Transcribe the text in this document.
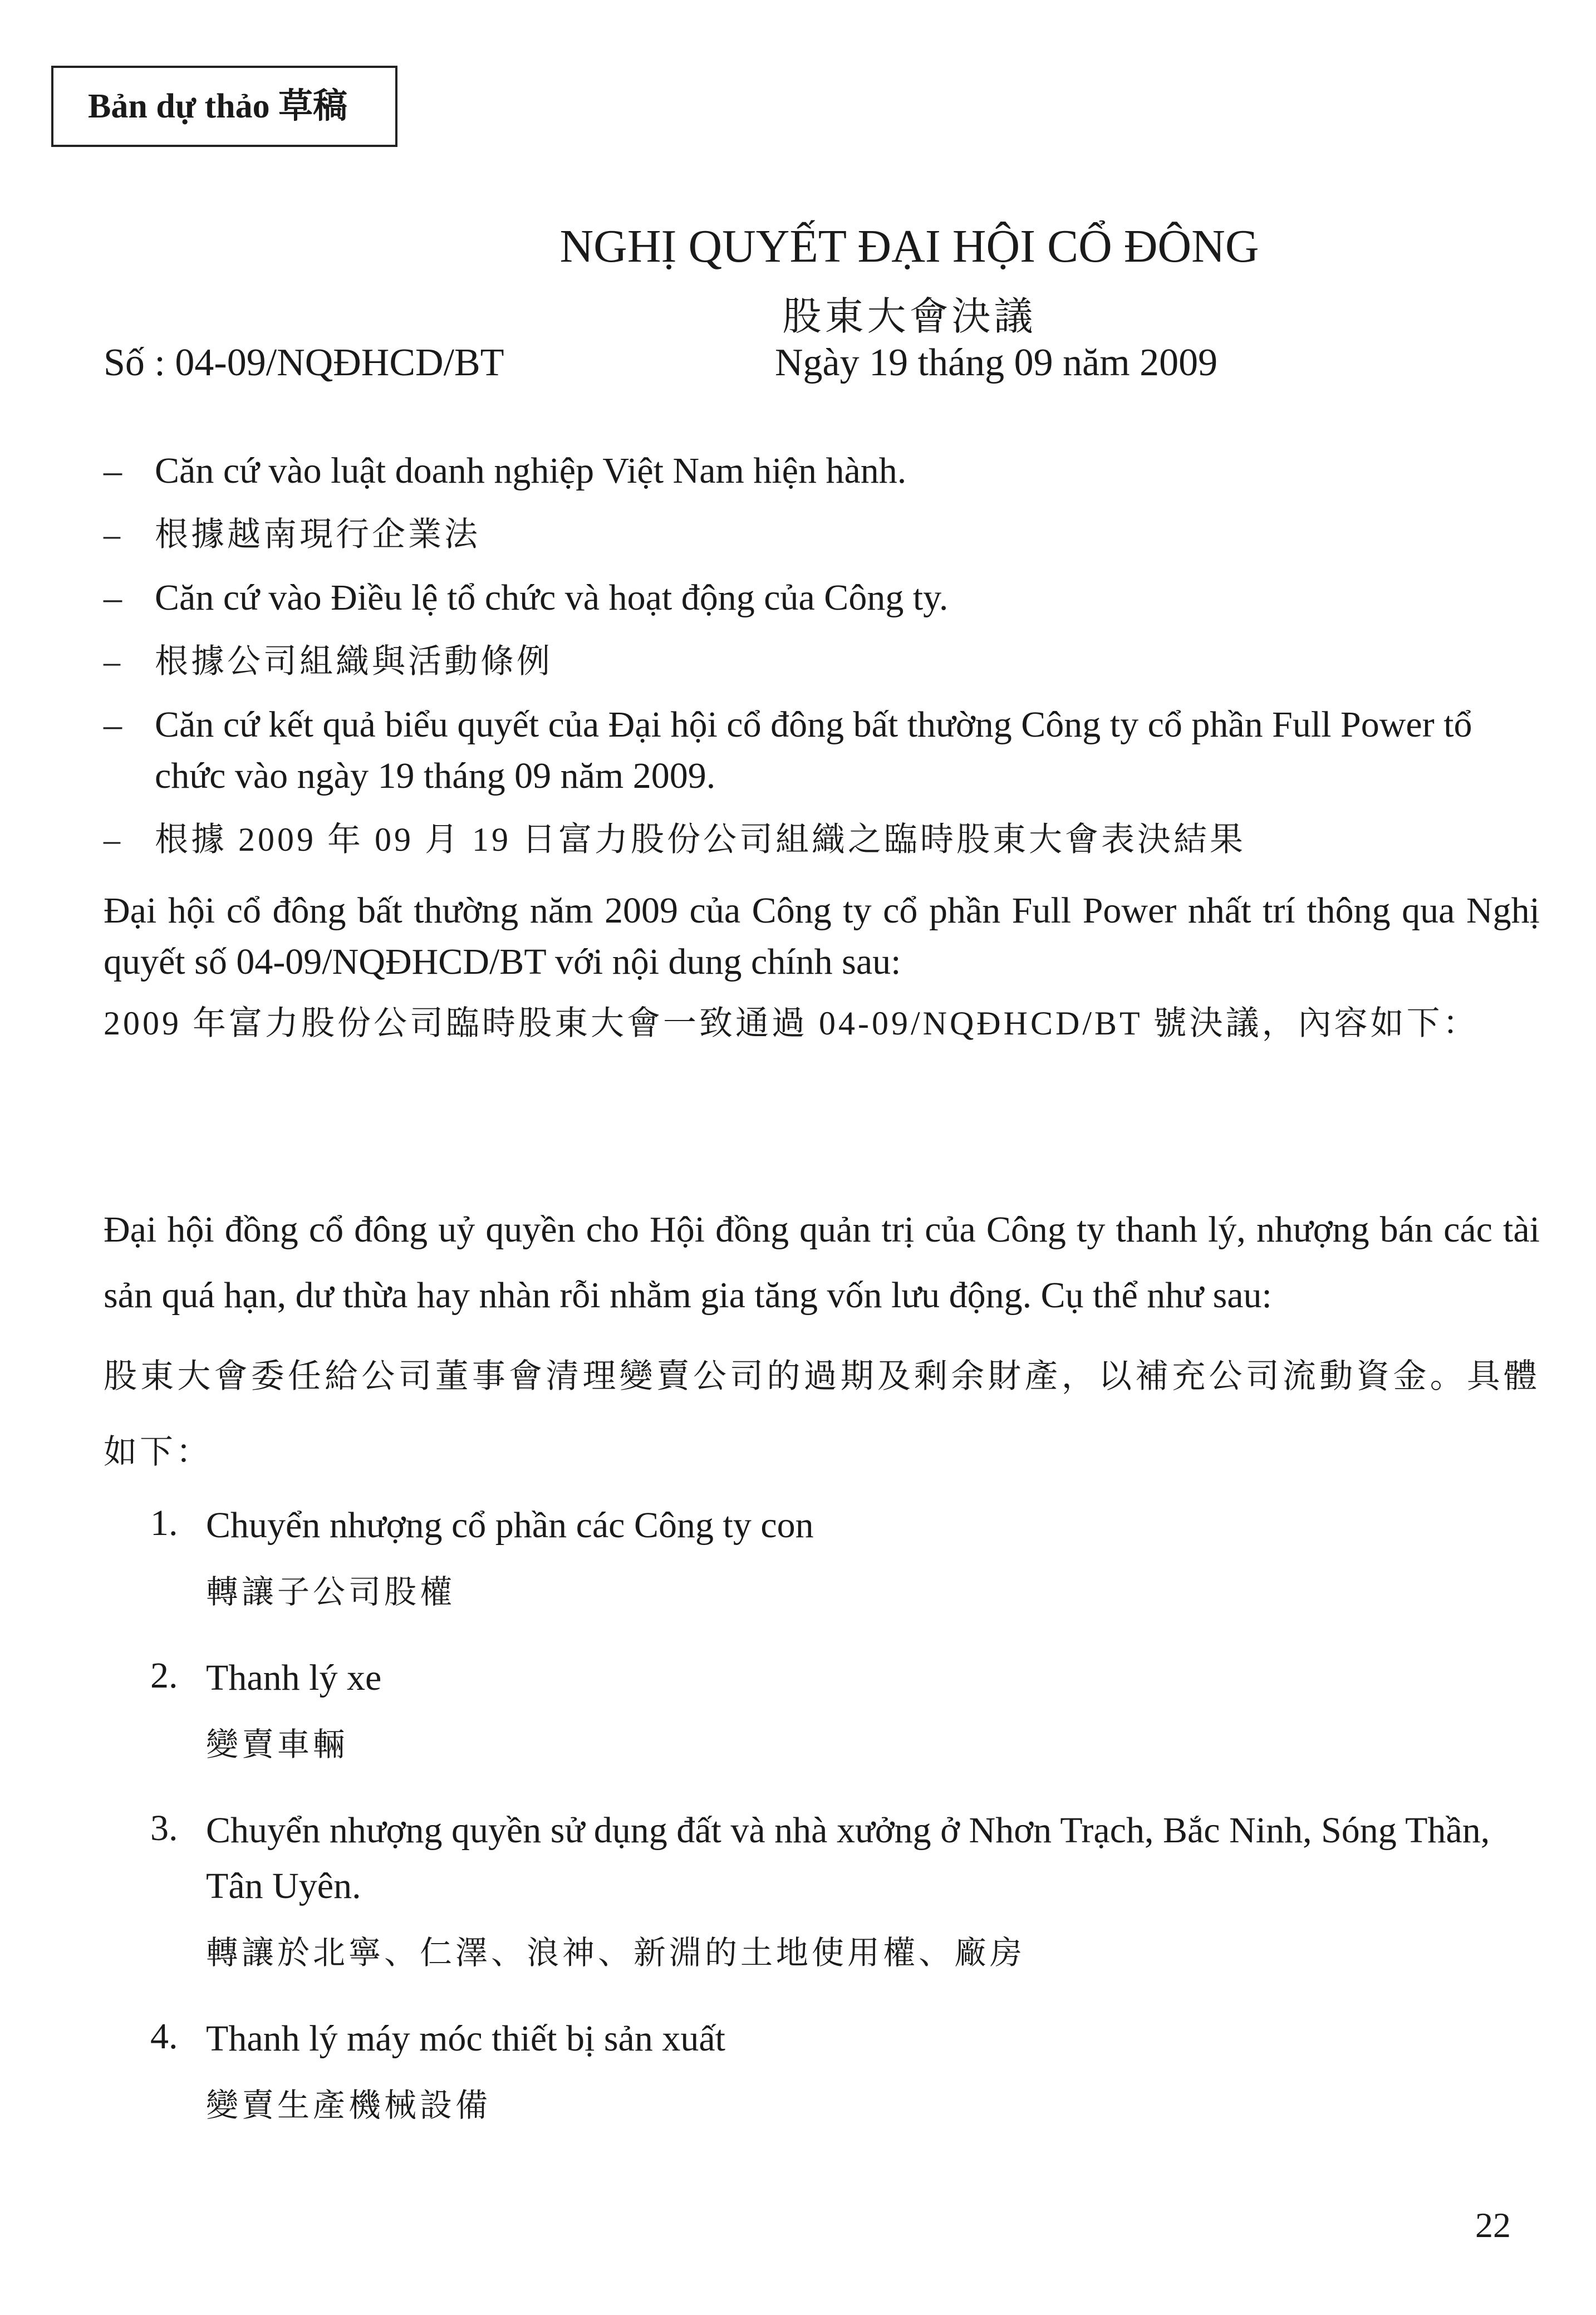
Bản dự thảo 草稿
NGHỊ QUYẾT ĐẠI HỘI CỔ ĐÔNG
股東大會決議
Số : 04-09/NQĐHCD/BT	Ngày 19 tháng 09 năm 2009
– Căn cứ vào luật doanh nghiệp Việt Nam hiện hành.
– 根據越南現行企業法
– Căn cứ vào Điều lệ tổ chức và hoạt động của Công ty.
– 根據公司組織與活動條例
– Căn cứ kết quả biểu quyết của Đại hội cổ đông bất thường Công ty cổ phần Full Power tổ chức vào ngày 19 tháng 09 năm 2009.
– 根據 2009 年 09 月 19 日富力股份公司組織之臨時股東大會表決結果

Đại hội cổ đông bất thường năm 2009 của Công ty cổ phần Full Power nhất trí thông qua Nghị quyết số 04-09/NQĐHCD/BT với nội dung chính sau:

2009 年富力股份公司臨時股東大會一致通過 04-09/NQĐHCD/BT 號決議，內容如下：

Đại hội đồng cổ đông uỷ quyền cho Hội đồng quản trị của Công ty thanh lý, nhượng bán các tài sản quá hạn, dư thừa hay nhàn rỗi nhằm gia tăng vốn lưu động. Cụ thể như sau:

股東大會委任給公司董事會清理變賣公司的過期及剩余財產，以補充公司流動資金。具體如下：

1. Chuyển nhượng cổ phần các Công ty con
轉讓子公司股權
2. Thanh lý xe
變賣車輛
3. Chuyển nhượng quyền sử dụng đất và nhà xưởng ở Nhơn Trạch, Bắc Ninh, Sóng Thần, Tân Uyên.
轉讓於北寧、仁澤、浪神、新淵的土地使用權、廠房
4. Thanh lý máy móc thiết bị sản xuất
變賣生產機械設備
22
